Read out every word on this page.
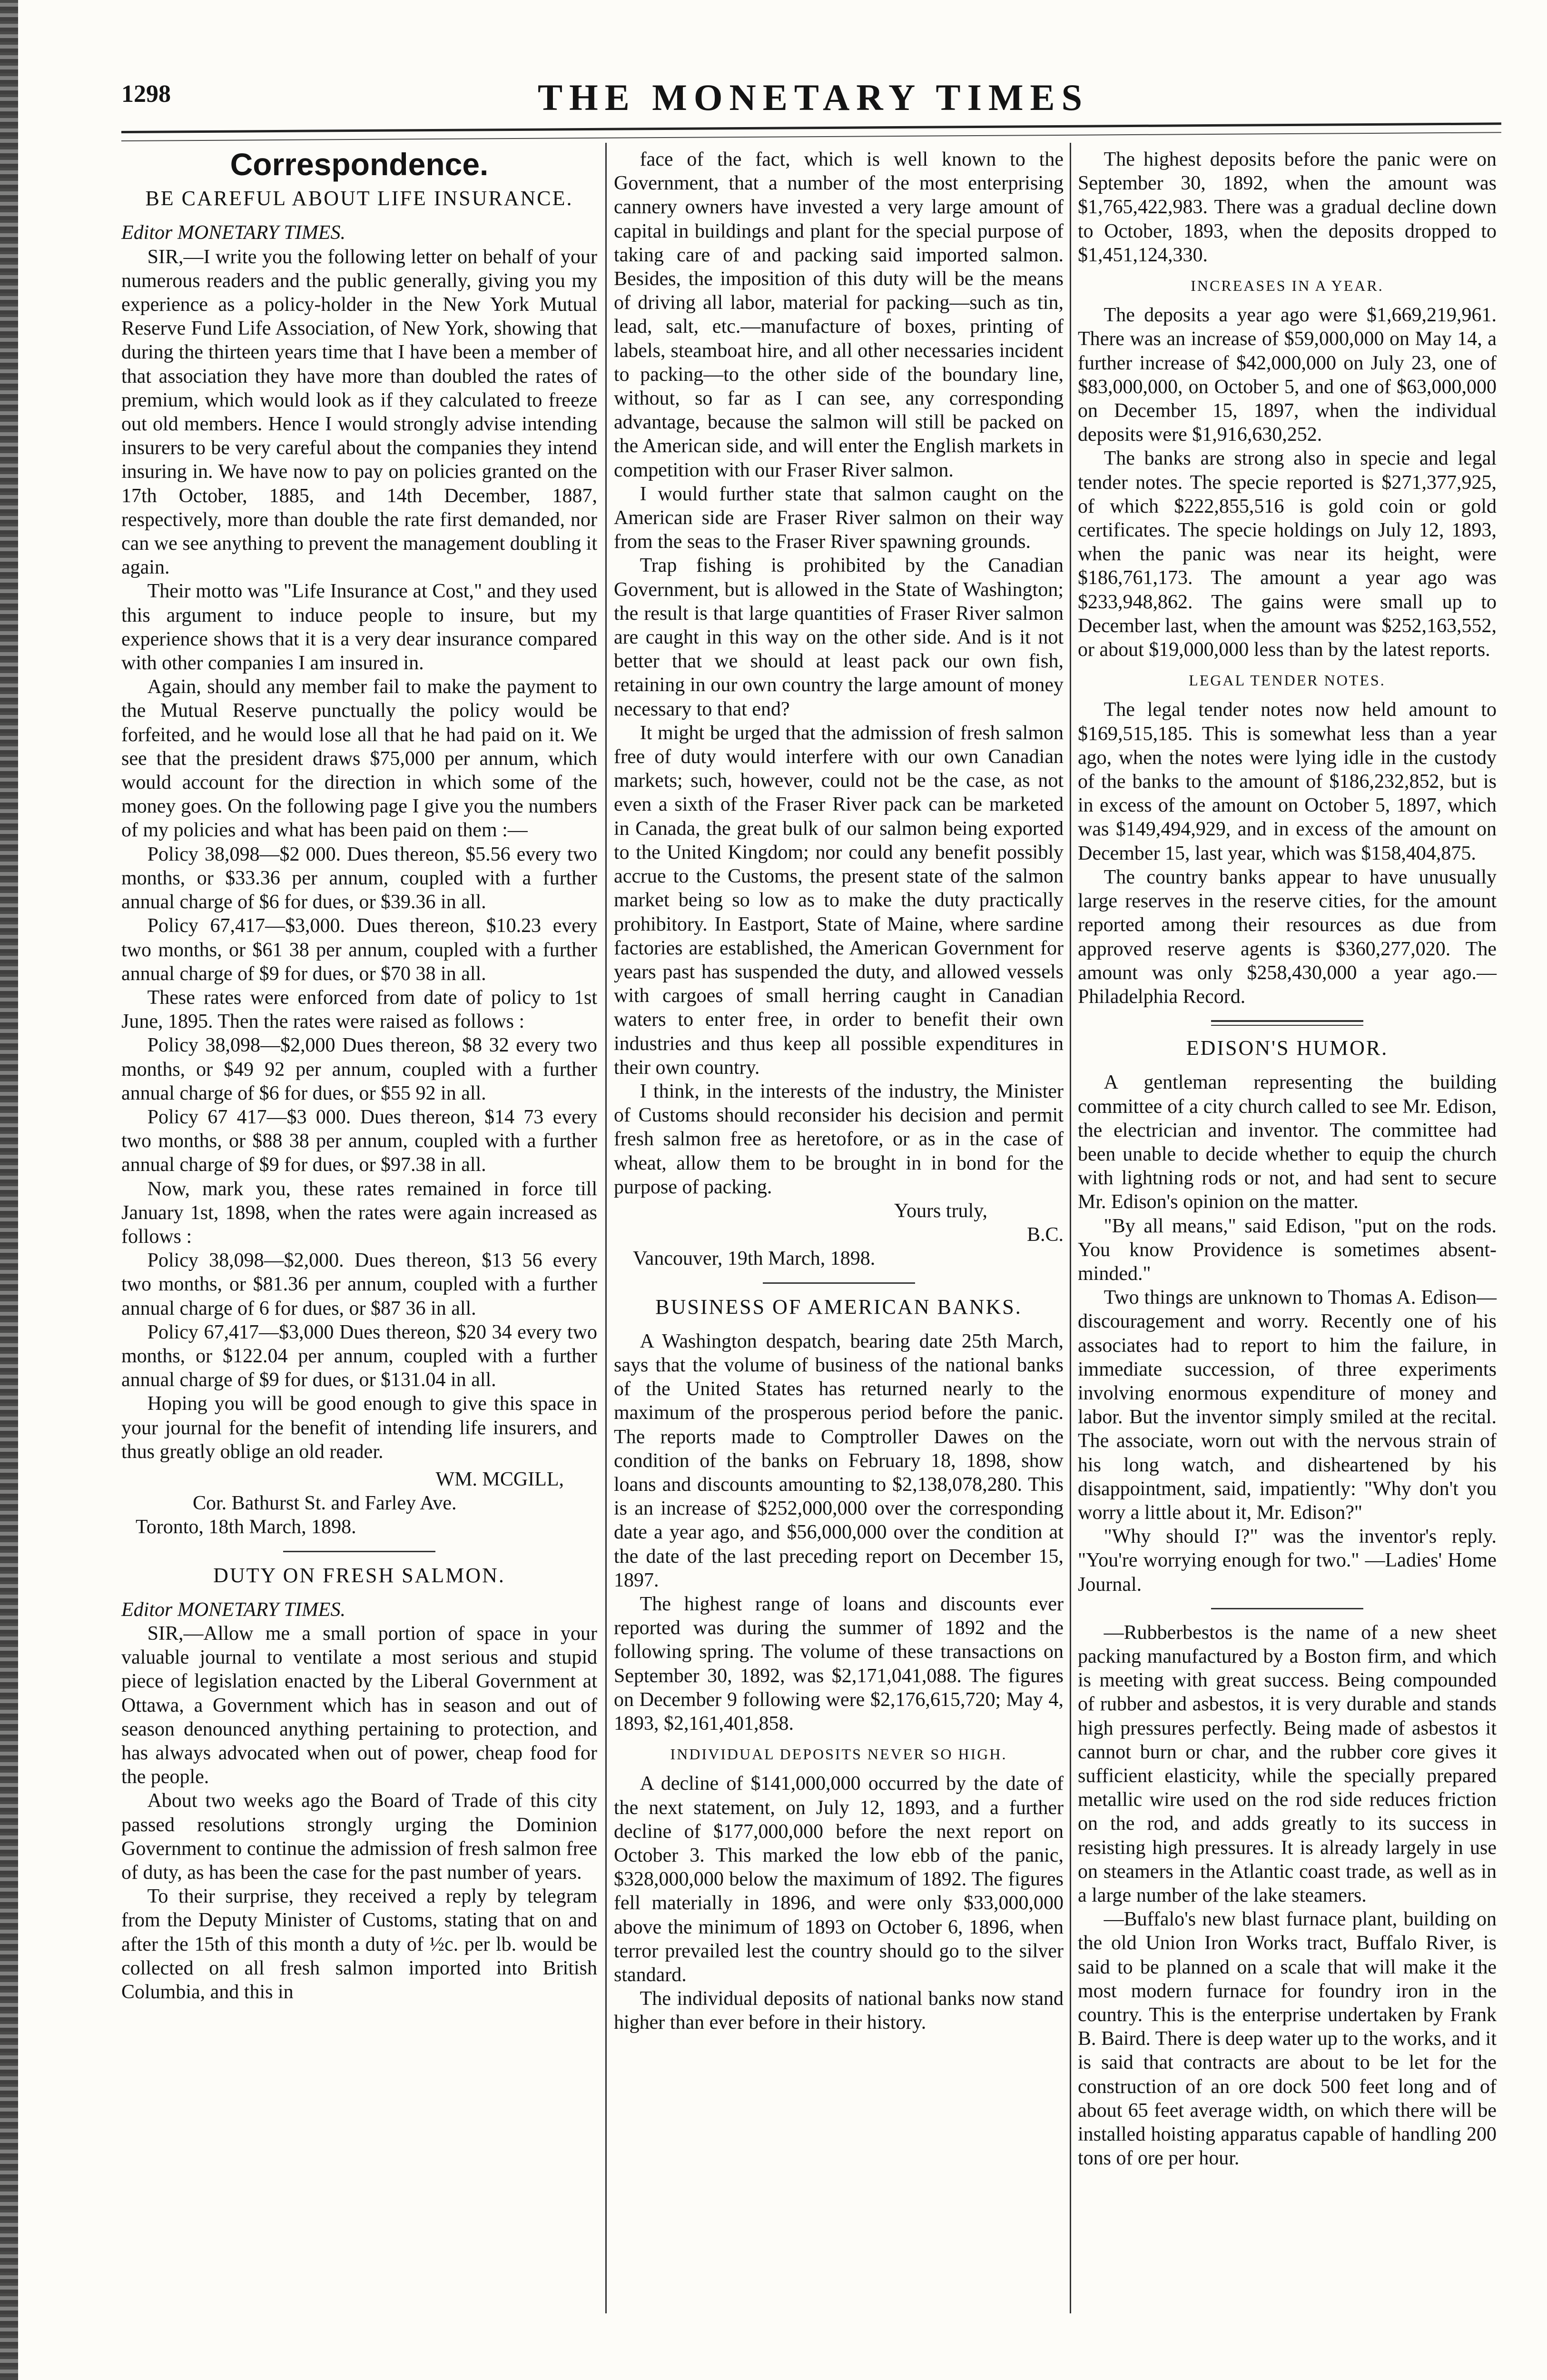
1298	THE MONETARY TIMES
Correspondence.
BE CAREFUL ABOUT LIFE INSURANCE.

Editor MONETARY TIMES.

SIR,—I write you the following letter on behalf of your numerous readers and the public generally, giving you my experience as a policy-holder in the New York Mutual Reserve Fund Life Association, of New York, showing that during the thirteen years time that I have been a member of that association they have more than doubled the rates of premium, which would look as if they calculated to freeze out old members. Hence I would strongly advise intending insurers to be very careful about the companies they intend insuring in. We have now to pay on policies granted on the 17th October, 1885, and 14th December, 1887, respectively, more than double the rate first demanded, nor can we see anything to prevent the management doubling it again.

Their motto was "Life Insurance at Cost," and they used this argument to induce people to insure, but my experience shows that it is a very dear insurance compared with other companies I am insured in.

Again, should any member fail to make the payment to the Mutual Reserve punctually the policy would be forfeited, and he would lose all that he had paid on it. We see that the president draws $75,000 per annum, which would account for the direction in which some of the money goes. On the following page I give you the numbers of my policies and what has been paid on them :—

Policy 38,098—$2 000. Dues thereon, $5.56 every two months, or $33.36 per annum, coupled with a further annual charge of $6 for dues, or $39.36 in all.

Policy 67,417—$3,000. Dues thereon, $10.23 every two months, or $61 38 per annum, coupled with a further annual charge of $9 for dues, or $70 38 in all.

These rates were enforced from date of policy to 1st June, 1895. Then the rates were raised as follows :

Policy 38,098—$2,000 Dues thereon, $8 32 every two months, or $49 92 per annum, coupled with a further annual charge of $6 for dues, or $55 92 in all.

Policy 67 417—$3 000. Dues thereon, $14 73 every two months, or $88 38 per annum, coupled with a further annual charge of $9 for dues, or $97.38 in all.

Now, mark you, these rates remained in force till January 1st, 1898, when the rates were again increased as follows :

Policy 38,098—$2,000. Dues thereon, $13 56 every two months, or $81.36 per annum, coupled with a further annual charge of 6 for dues, or $87 36 in all.

Policy 67,417—$3,000 Dues thereon, $20 34 every two months, or $122.04 per annum, coupled with a further annual charge of $9 for dues, or $131.04 in all.

Hoping you will be good enough to give this space in your journal for the benefit of intending life insurers, and thus greatly oblige an old reader.

WM. MCGILL,

Cor. Bathurst St. and Farley Ave.

Toronto, 18th March, 1898.

DUTY ON FRESH SALMON.

Editor MONETARY TIMES.

SIR,—Allow me a small portion of space in your valuable journal to ventilate a most serious and stupid piece of legislation enacted by the Liberal Government at Ottawa, a Government which has in season and out of season denounced anything pertaining to protection, and has always advocated when out of power, cheap food for the people.

About two weeks ago the Board of Trade of this city passed resolutions strongly urging the Dominion Government to continue the admission of fresh salmon free of duty, as has been the case for the past number of years.

To their surprise, they received a reply by telegram from the Deputy Minister of Customs, stating that on and after the 15th of this month a duty of ½c. per lb. would be collected on all fresh salmon imported into British Columbia, and this in

face of the fact, which is well known to the Government, that a number of the most enterprising cannery owners have invested a very large amount of capital in buildings and plant for the special purpose of taking care of and packing said imported salmon. Besides, the imposition of this duty will be the means of driving all labor, material for packing—such as tin, lead, salt, etc.—manufacture of boxes, printing of labels, steamboat hire, and all other necessaries incident to packing—to the other side of the boundary line, without, so far as I can see, any corresponding advantage, because the salmon will still be packed on the American side, and will enter the English markets in competition with our Fraser River salmon.

I would further state that salmon caught on the American side are Fraser River salmon on their way from the seas to the Fraser River spawning grounds.

Trap fishing is prohibited by the Canadian Government, but is allowed in the State of Washington; the result is that large quantities of Fraser River salmon are caught in this way on the other side. And is it not better that we should at least pack our own fish, retaining in our own country the large amount of money necessary to that end?

It might be urged that the admission of fresh salmon free of duty would interfere with our own Canadian markets; such, however, could not be the case, as not even a sixth of the Fraser River pack can be marketed in Canada, the great bulk of our salmon being exported to the United Kingdom; nor could any benefit possibly accrue to the Customs, the present state of the salmon market being so low as to make the duty practically prohibitory. In Eastport, State of Maine, where sardine factories are established, the American Government for years past has suspended the duty, and allowed vessels with cargoes of small herring caught in Canadian waters to enter free, in order to benefit their own industries and thus keep all possible expenditures in their own country.

I think, in the interests of the industry, the Minister of Customs should reconsider his decision and permit fresh salmon free as heretofore, or as in the case of wheat, allow them to be brought in in bond for the purpose of packing.

Yours truly,

B.C.

Vancouver, 19th March, 1898.

BUSINESS OF AMERICAN BANKS.

A Washington despatch, bearing date 25th March, says that the volume of business of the national banks of the United States has returned nearly to the maximum of the prosperous period before the panic. The reports made to Comptroller Dawes on the condition of the banks on February 18, 1898, show loans and discounts amounting to $2,138,078,280. This is an increase of $252,000,000 over the corresponding date a year ago, and $56,000,000 over the condition at the date of the last preceding report on December 15, 1897.

The highest range of loans and discounts ever reported was during the summer of 1892 and the following spring. The volume of these transactions on September 30, 1892, was $2,171,041,088. The figures on December 9 following were $2,176,615,720; May 4, 1893, $2,161,401,858.

INDIVIDUAL DEPOSITS NEVER SO HIGH.

A decline of $141,000,000 occurred by the date of the next statement, on July 12, 1893, and a further decline of $177,000,000 before the next report on October 3. This marked the low ebb of the panic, $328,000,000 below the maximum of 1892. The figures fell materially in 1896, and were only $33,000,000 above the minimum of 1893 on October 6, 1896, when terror prevailed lest the country should go to the silver standard.

The individual deposits of national banks now stand higher than ever before in their history.

The highest deposits before the panic were on September 30, 1892, when the amount was $1,765,422,983. There was a gradual decline down to October, 1893, when the deposits dropped to $1,451,124,330.

INCREASES IN A YEAR.

The deposits a year ago were $1,669,219,961. There was an increase of $59,000,000 on May 14, a further increase of $42,000,000 on July 23, one of $83,000,000, on October 5, and one of $63,000,000 on December 15, 1897, when the individual deposits were $1,916,630,252.

The banks are strong also in specie and legal tender notes. The specie reported is $271,377,925, of which $222,855,516 is gold coin or gold certificates. The specie holdings on July 12, 1893, when the panic was near its height, were $186,761,173. The amount a year ago was $233,948,862. The gains were small up to December last, when the amount was $252,163,552, or about $19,000,000 less than by the latest reports.

LEGAL TENDER NOTES.

The legal tender notes now held amount to $169,515,185. This is somewhat less than a year ago, when the notes were lying idle in the custody of the banks to the amount of $186,232,852, but is in excess of the amount on October 5, 1897, which was $149,494,929, and in excess of the amount on December 15, last year, which was $158,404,875.

The country banks appear to have unusually large reserves in the reserve cities, for the amount reported among their resources as due from approved reserve agents is $360,277,020. The amount was only $258,430,000 a year ago.—Philadelphia Record.

EDISON'S HUMOR.

A gentleman representing the building committee of a city church called to see Mr. Edison, the electrician and inventor. The committee had been unable to decide whether to equip the church with lightning rods or not, and had sent to secure Mr. Edison's opinion on the matter.

"By all means," said Edison, "put on the rods. You know Providence is sometimes absent-minded."

Two things are unknown to Thomas A. Edison—discouragement and worry. Recently one of his associates had to report to him the failure, in immediate succession, of three experiments involving enormous expenditure of money and labor. But the inventor simply smiled at the recital. The associate, worn out with the nervous strain of his long watch, and disheartened by his disappointment, said, impatiently: "Why don't you worry a little about it, Mr. Edison?"

"Why should I?" was the inventor's reply. "You're worrying enough for two." —Ladies' Home Journal.

—Rubberbestos is the name of a new sheet packing manufactured by a Boston firm, and which is meeting with great success. Being compounded of rubber and asbestos, it is very durable and stands high pressures perfectly. Being made of asbestos it cannot burn or char, and the rubber core gives it sufficient elasticity, while the specially prepared metallic wire used on the rod side reduces friction on the rod, and adds greatly to its success in resisting high pressures. It is already largely in use on steamers in the Atlantic coast trade, as well as in a large number of the lake steamers.

—Buffalo's new blast furnace plant, building on the old Union Iron Works tract, Buffalo River, is said to be planned on a scale that will make it the most modern furnace for foundry iron in the country. This is the enterprise undertaken by Frank B. Baird. There is deep water up to the works, and it is said that contracts are about to be let for the construction of an ore dock 500 feet long and of about 65 feet average width, on which there will be installed hoisting apparatus capable of handling 200 tons of ore per hour.
